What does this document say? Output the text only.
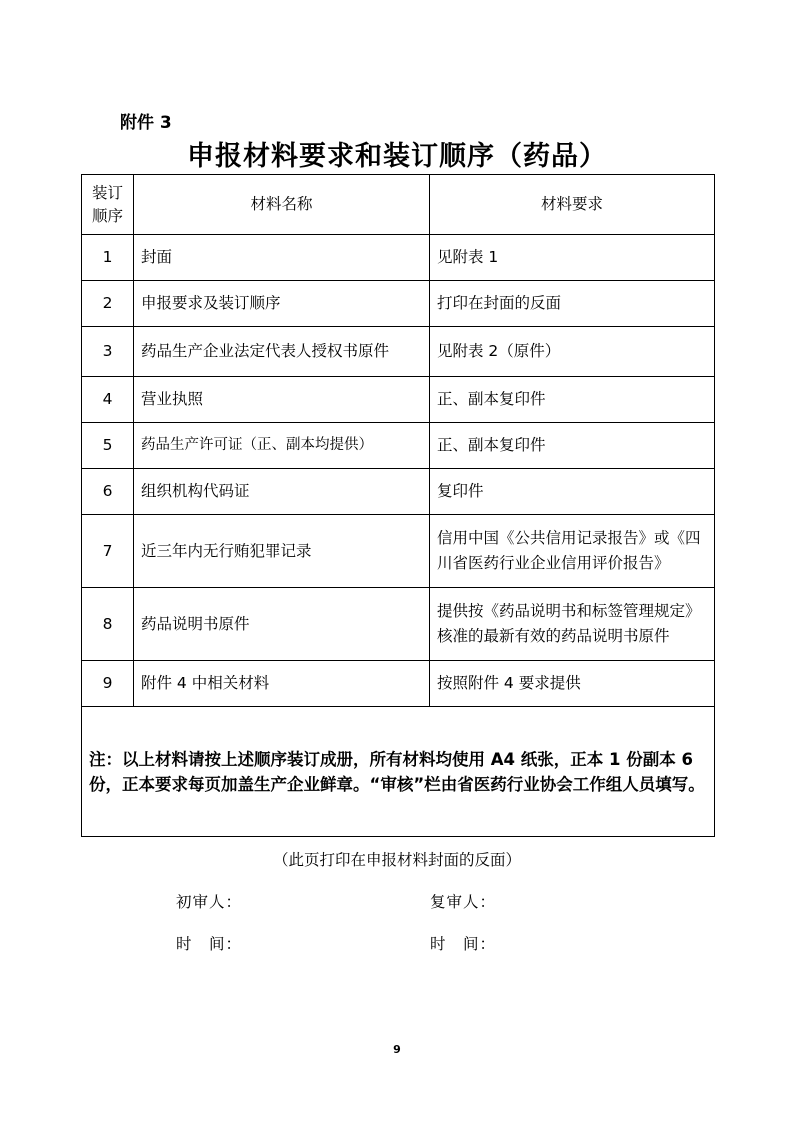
附件 3
申报材料要求和装订顺序（药品）
装订
顺序	材料名称	材料要求
1	封面	见附表 1
2	申报要求及装订顺序	打印在封面的反面
3	药品生产企业法定代表人授权书原件	见附表 2（原件）
4	营业执照	正、副本复印件
5	药品生产许可证（正、副本均提供）	正、副本复印件
6	组织机构代码证	复印件
7	近三年内无行贿犯罪记录	信用中国《公共信用记录报告》或《四川省医药行业企业信用评价报告》
8	药品说明书原件	提供按《药品说明书和标签管理规定》核准的最新有效的药品说明书原件
9	附件 4 中相关材料	按照附件 4 要求提供
注：以上材料请按上述顺序装订成册，所有材料均使用 A4 纸张，正本 1 份副本 6 份，正本要求每页加盖生产企业鲜章。“审核”栏由省医药行业协会工作组人员填写。		
（此页打印在申报材料封面的反面）
初审人：	复审人：
时　间：	时　间：
9
